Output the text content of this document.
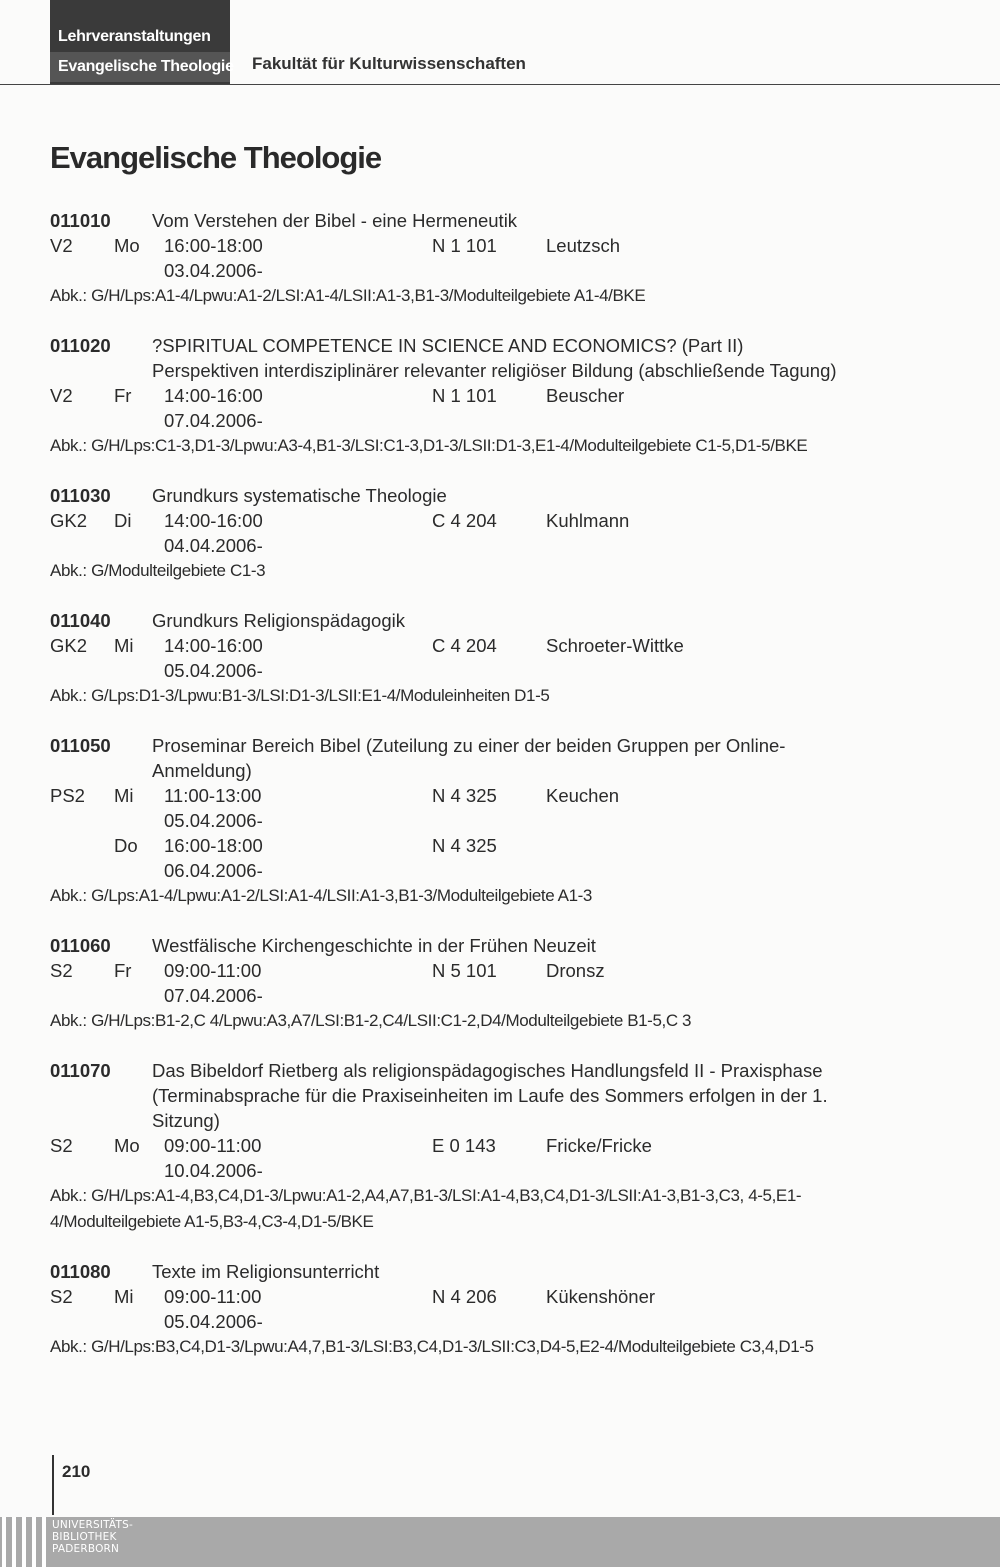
Lehrveranstaltungen
Evangelische Theologie Fakultät für Kulturwissenschaften
Evangelische Theologie
011010	Vom Verstehen der Bibel - eine Hermeneutik
V2	Mo	16:00-18:00	N 1 101	Leutzsch
03.04.2006-
Abk.: G/H/Lps:A1-4/Lpwu:A1-2/LSI:A1-4/LSII:A1-3,B1-3/Modulteilgebiete A1-4/BKE
011020	?SPIRITUAL COMPETENCE IN SCIENCE AND ECONOMICS? (Part II) Perspektiven interdisziplinärer relevanter religiöser Bildung (abschließende Tagung)
V2	Fr	14:00-16:00	N 1 101	Beuscher
07.04.2006-
Abk.: G/H/Lps:C1-3,D1-3/Lpwu:A3-4,B1-3/LSI:C1-3,D1-3/LSII:D1-3,E1-4/Modulteilgebiete C1-5,D1-5/BKE
011030	Grundkurs systematische Theologie
GK2	Di	14:00-16:00	C 4 204	Kuhlmann
04.04.2006-
Abk.: G/Modulteilgebiete C1-3
011040	Grundkurs Religionspädagogik
GK2	Mi	14:00-16:00	C 4 204	Schroeter-Wittke
05.04.2006-
Abk.: G/Lps:D1-3/Lpwu:B1-3/LSI:D1-3/LSII:E1-4/Moduleinheiten D1-5
011050	Proseminar Bereich Bibel (Zuteilung zu einer der beiden Gruppen per Online-Anmeldung)
PS2	Mi	11:00-13:00	N 4 325	Keuchen
05.04.2006-
Do	16:00-18:00	N 4 325
06.04.2006-
Abk.: G/Lps:A1-4/Lpwu:A1-2/LSI:A1-4/LSII:A1-3,B1-3/Modulteilgebiete A1-3
011060	Westfälische Kirchengeschichte in der Frühen Neuzeit
S2	Fr	09:00-11:00	N 5 101	Dronsz
07.04.2006-
Abk.: G/H/Lps:B1-2,C 4/Lpwu:A3,A7/LSI:B1-2,C4/LSII:C1-2,D4/Modulteilgebiete B1-5,C 3
011070	Das Bibeldorf Rietberg als religionspädagogisches Handlungsfeld II - Praxisphase (Terminabsprache für die Praxiseinheiten im Laufe des Sommers erfolgen in der 1. Sitzung)
S2	Mo	09:00-11:00	E 0 143	Fricke/Fricke
10.04.2006-
Abk.: G/H/Lps:A1-4,B3,C4,D1-3/Lpwu:A1-2,A4,A7,B1-3/LSI:A1-4,B3,C4,D1-3/LSII:A1-3,B1-3,C3, 4-5,E1-4/Modulteilgebiete A1-5,B3-4,C3-4,D1-5/BKE
011080	Texte im Religionsunterricht
S2	Mi	09:00-11:00	N 4 206	Kükenshöner
05.04.2006-
Abk.: G/H/Lps:B3,C4,D1-3/Lpwu:A4,7,B1-3/LSI:B3,C4,D1-3/LSII:C3,D4-5,E2-4/Modulteilgebiete C3,4,D1-5
210
UNIVERSITÄTS-
BIBLIOTHEK
PADERBORN
